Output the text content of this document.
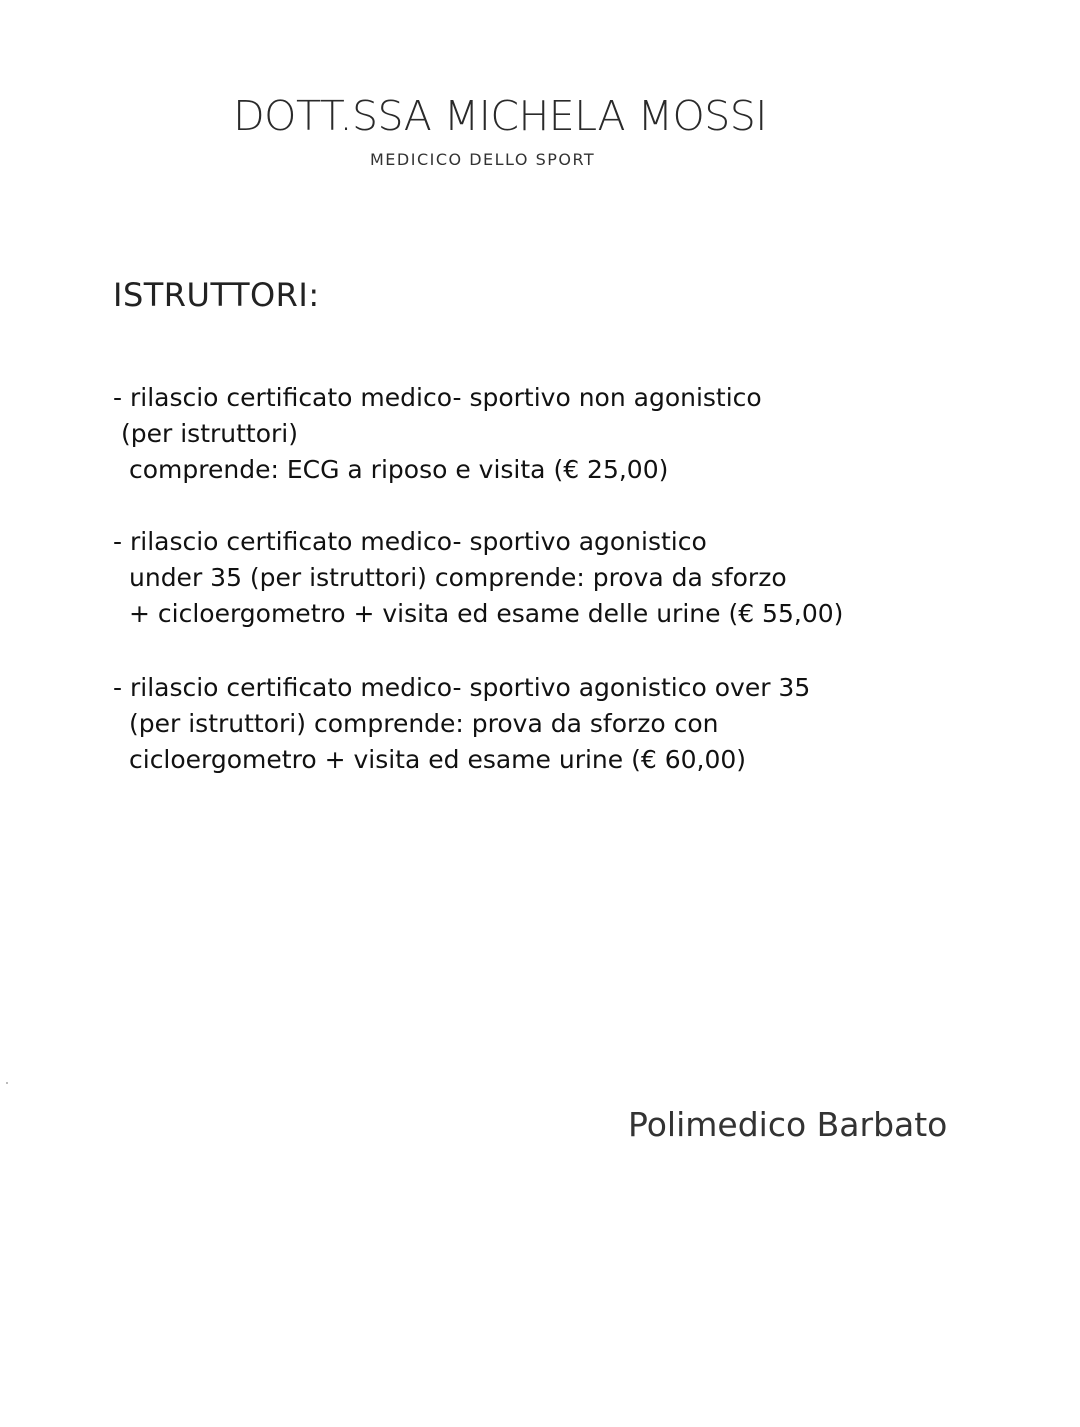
DOTT.SSA MICHELA MOSSI
MEDICICO DELLO SPORT
ISTRUTTORI:
- rilascio certificato medico- sportivo non agonistico
(per istruttori)
comprende: ECG a riposo e visita (€ 25,00)
- rilascio certificato medico- sportivo agonistico
under 35 (per istruttori) comprende: prova da sforzo
+ cicloergometro + visita ed esame delle urine (€ 55,00)
- rilascio certificato medico- sportivo agonistico over 35
(per istruttori) comprende: prova da sforzo con
cicloergometro + visita ed esame urine (€ 60,00)
Polimedico Barbato
